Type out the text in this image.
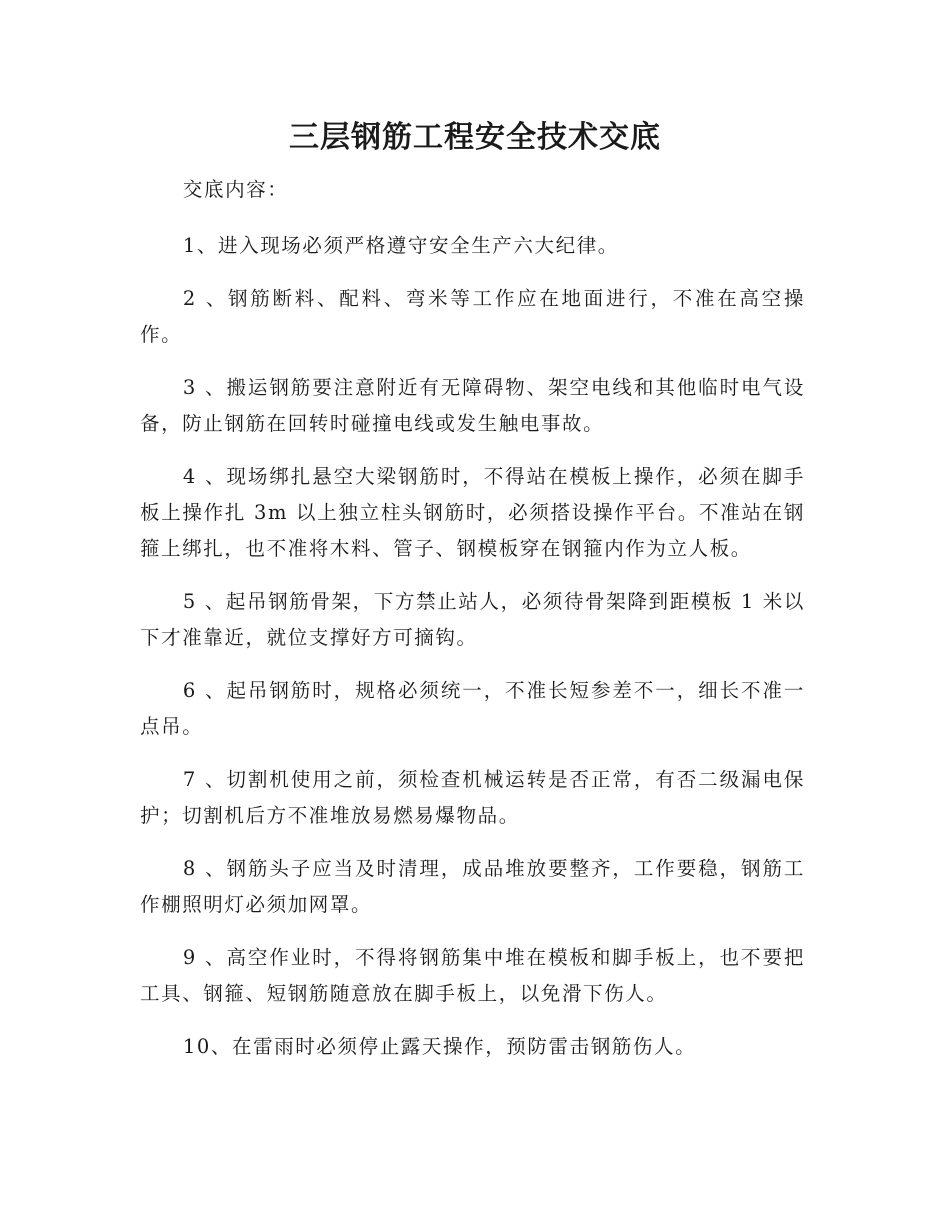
三层钢筋工程安全技术交底

交底内容：

1、进入现场必须严格遵守安全生产六大纪律。

2 、钢筋断料、配料、弯米等工作应在地面进行，不准在高空操作。

3 、搬运钢筋要注意附近有无障碍物、架空电线和其他临时电气设备，防止钢筋在回转时碰撞电线或发生触电事故。

4 、现场绑扎悬空大梁钢筋时，不得站在模板上操作，必须在脚手板上操作扎 3m 以上独立柱头钢筋时，必须搭设操作平台。不准站在钢箍上绑扎，也不准将木料、管子、钢模板穿在钢箍内作为立人板。

5 、起吊钢筋骨架，下方禁止站人，必须待骨架降到距模板 1 米以下才准靠近，就位支撑好方可摘钩。

6 、起吊钢筋时，规格必须统一，不准长短参差不一，细长不准一点吊。

7 、切割机使用之前，须检查机械运转是否正常，有否二级漏电保护；切割机后方不准堆放易燃易爆物品。

8 、钢筋头子应当及时清理，成品堆放要整齐，工作要稳，钢筋工作棚照明灯必须加网罩。

9 、高空作业时，不得将钢筋集中堆在模板和脚手板上，也不要把工具、钢箍、短钢筋随意放在脚手板上，以免滑下伤人。

10、在雷雨时必须停止露天操作，预防雷击钢筋伤人。
